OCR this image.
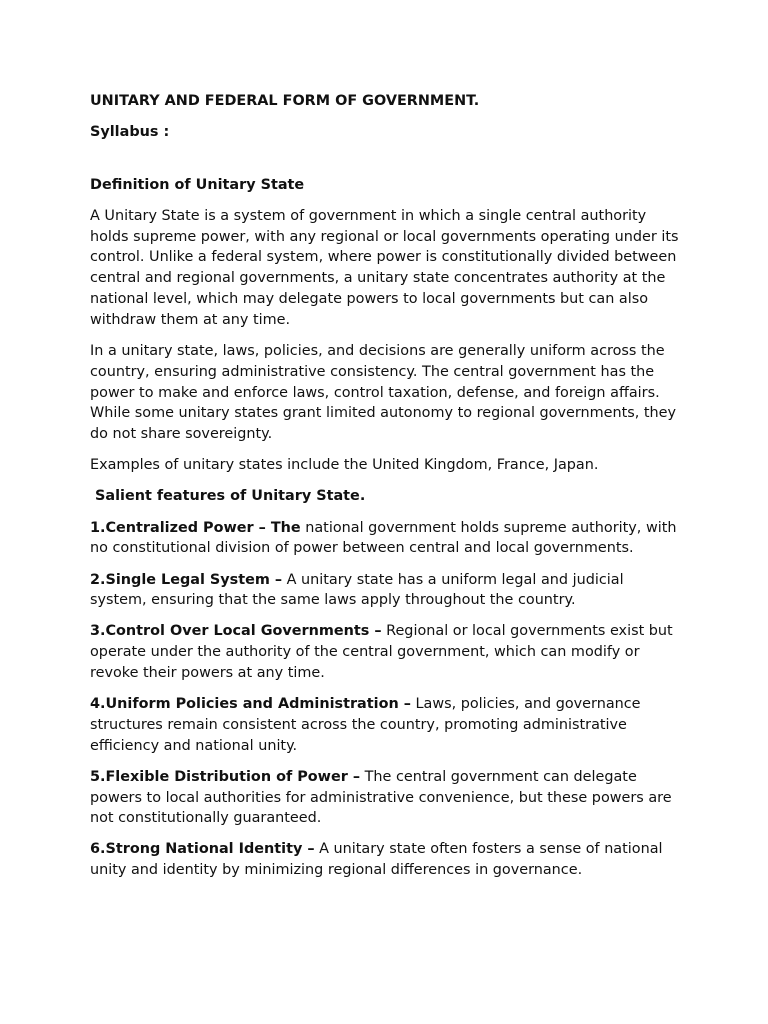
UNITARY AND FEDERAL FORM OF GOVERNMENT.
Syllabus :
Definition of Unitary State

A Unitary State is a system of government in which a single central authority holds supreme power, with any regional or local governments operating under its control. Unlike a federal system, where power is constitutionally divided between central and regional governments, a unitary state concentrates authority at the national level, which may delegate powers to local governments but can also withdraw them at any time.

In a unitary state, laws, policies, and decisions are generally uniform across the country, ensuring administrative consistency. The central government has the power to make and enforce laws, control taxation, defense, and foreign affairs. While some unitary states grant limited autonomy to regional governments, they do not share sovereignty.

Examples of unitary states include the United Kingdom, France, Japan.

Salient features of Unitary State.

1.Centralized Power – The national government holds supreme authority, with no constitutional division of power between central and local governments.

2.Single Legal System – A unitary state has a uniform legal and judicial system, ensuring that the same laws apply throughout the country.

3.Control Over Local Governments – Regional or local governments exist but operate under the authority of the central government, which can modify or revoke their powers at any time.

4.Uniform Policies and Administration – Laws, policies, and governance structures remain consistent across the country, promoting administrative efficiency and national unity.

5.Flexible Distribution of Power – The central government can delegate powers to local authorities for administrative convenience, but these powers are not constitutionally guaranteed.

6.Strong National Identity – A unitary state often fosters a sense of national unity and identity by minimizing regional differences in governance.
